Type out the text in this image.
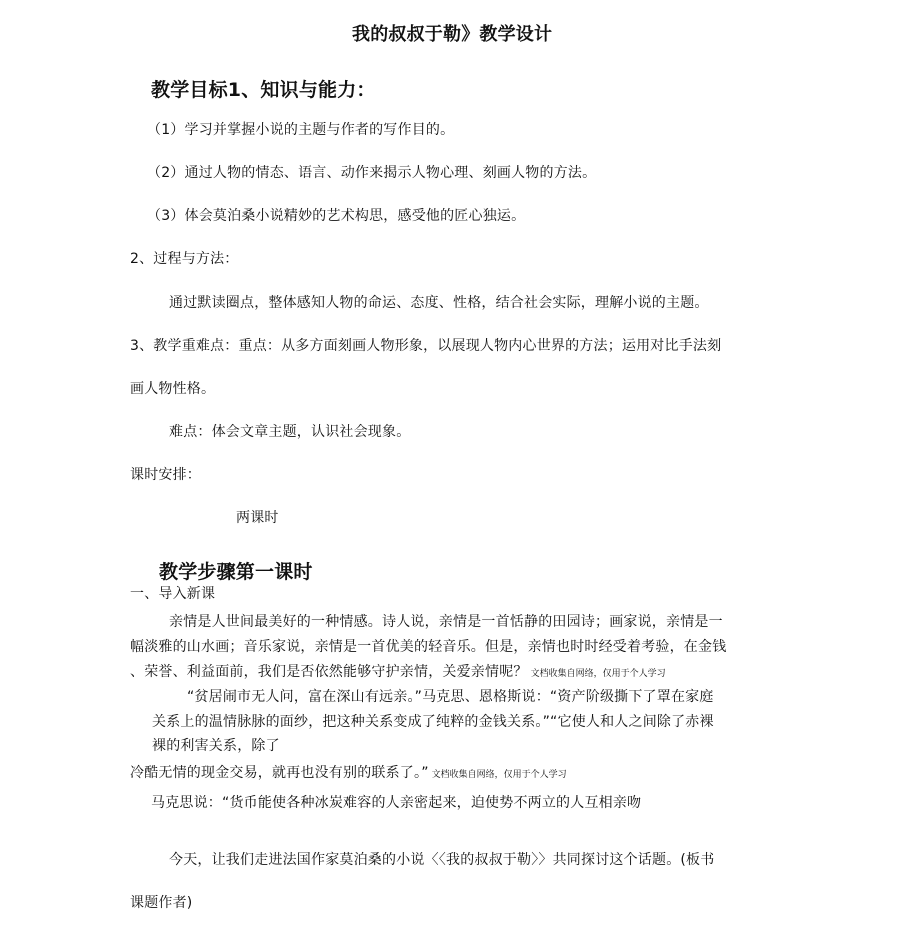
我的叔叔于勒》教学设计
教学目标1、知识与能力：
（1）学习并掌握小说的主题与作者的写作目的。
（2）通过人物的情态、语言、动作来揭示人物心理、刻画人物的方法。
（3）体会莫泊桑小说精妙的艺术构思，感受他的匠心独运。
2、过程与方法：
通过默读圈点，整体感知人物的命运、态度、性格，结合社会实际，理解小说的主题。
3、教学重难点：重点：从多方面刻画人物形象，以展现人物内心世界的方法；运用对比手法刻
画人物性格。
难点：体会文章主题，认识社会现象。
课时安排：
两课时
教学步骤第一课时
一、导入新课
亲情是人世间最美好的一种情感。诗人说，亲情是一首恬静的田园诗；画家说，亲情是一
幅淡雅的山水画；音乐家说，亲情是一首优美的轻音乐。但是，亲情也时时经受着考验，在金钱
、荣誉、利益面前，我们是否依然能够守护亲情，关爱亲情呢？ 文档收集自网络，仅用于个人学习
“贫居闹市无人问，富在深山有远亲。”马克思、恩格斯说：“资产阶级撕下了罩在家庭
关系上的温情脉脉的面纱，把这种关系变成了纯粹的金钱关系。”“它使人和人之间除了赤裸
裸的利害关系，除了
冷酷无情的现金交易，就再也没有别的联系了。” 文档收集自网络，仅用于个人学习
马克思说：“货币能使各种冰炭难容的人亲密起来，迫使势不两立的人互相亲吻
今天，让我们走进法国作家莫泊桑的小说〈〈我的叔叔于勒〉〉共同探讨这个话题。(板书
课题作者)
